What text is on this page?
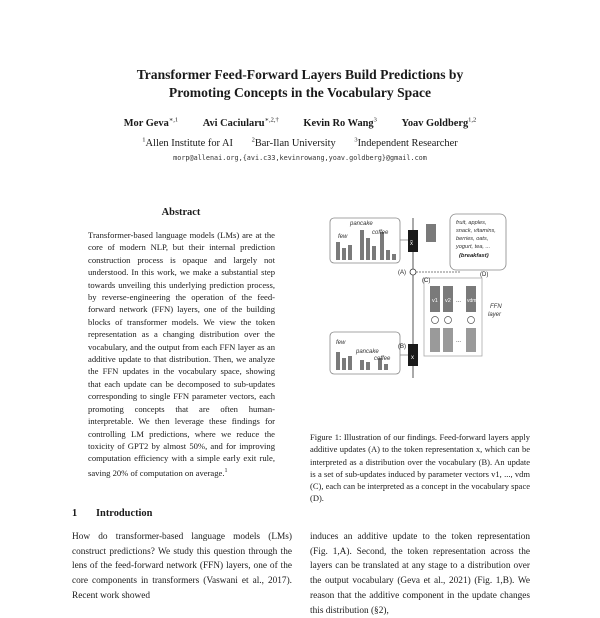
Transformer Feed-Forward Layers Build Predictions by
Promoting Concepts in the Vocabulary Space
Mor Geva$^{∗,1}$ Avi Caciularu$^{∗,2,\dagger}$ Kevin Ro Wang$^3$ Yoav Goldberg$^{1,2}$
$^1$Allen Institute for AI	$^2$Bar-Ilan University	$^3$Independent Researcher
morp@allenai.org,{avi.c33,kevinrowang,yoav.goldberg}@gmail.com
Abstract
Transformer-based language models (LMs) are at the core of modern NLP, but their internal prediction construction process is opaque and largely not understood. In this work, we make a substantial step towards unveiling this underlying prediction process, by reverse-engineering the operation of the feed-forward network (FFN) layers, one of the building blocks of transformer models. We view the token representation as a changing distribution over the vocabulary, and the output from each FFN layer as an additive update to that distribution. Then, we analyze the FFN updates in the vocabulary space, showing that each update can be decomposed to sub-updates corresponding to single FFN parameter vectors, each promoting concepts that are often human-interpretable. We then leverage these findings for controlling LM predictions, where we reduce the toxicity of GPT2 by almost 50%, and for improving computation efficiency with a simple early exit rule, saving 20% of computation on average.$^1$
1 Introduction
How do transformer-based language models (LMs) construct predictions? We study this question through the lens of the feed-forward network (FFN) layers, one of the core components in transformers (Vaswani et al., 2017). Recent work showed
induces an additive update to the token representation (Fig. 1,A). Second, the token representation across the layers can be translated at any stage to a distribution over the output vocabulary (Geva et al., 2021) (Fig. 1,B). We reason that the additive component in the update changes this distribution (§2),
Figure 1: Illustration of our findings. Feed-forward layers apply additive updates (A) to the token representation x, which can be interpreted as a distribution over the vocabulary (B). An update is a set of sub-updates induced by parameter vectors v1, ..., vdm (C), each can be interpreted as a concept in the vocabulary space (D).
few
pancake
coffee
x̃
fruit, apples,
snack, vitamins,
berries, oats,
yogurt, tea, ...
(breakfast)
(A)	(D)
(C)
v1 v2 ... vdm
...
FFN
layer
few
pancake
coffee
(B)
x
